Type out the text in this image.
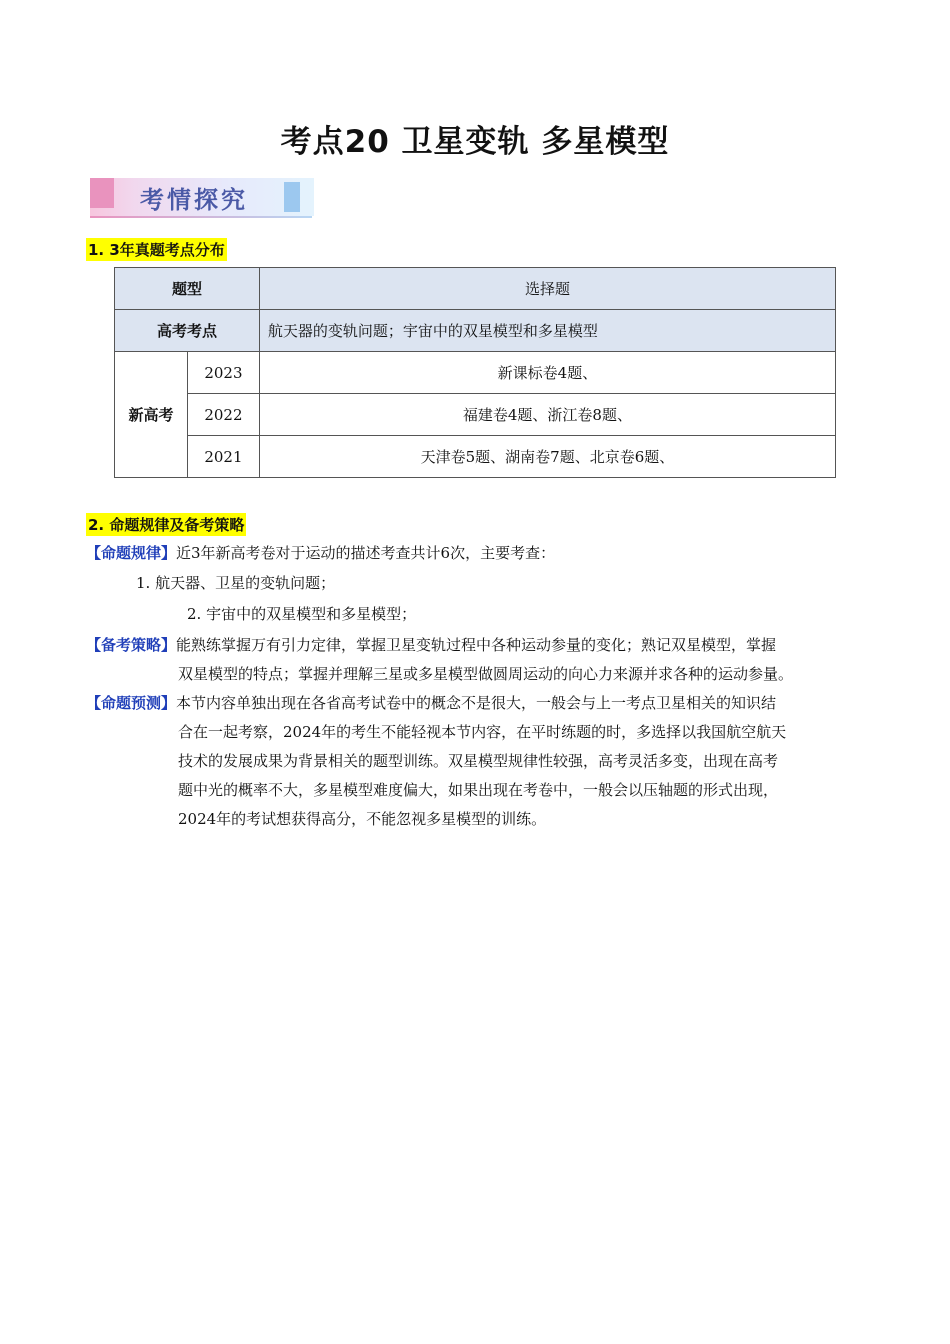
考点20 卫星变轨 多星模型
考情探究
1. 3年真题考点分布
题型		选择题
高考考点		航天器的变轨问题；宇宙中的双星模型和多星模型
新高考	2023	新课标卷4题、
	2022	福建卷4题、浙江卷8题、
	2021	天津卷5题、湖南卷7题、北京卷6题、
2. 命题规律及备考策略
【命题规律】近3年新高考卷对于运动的描述考查共计6次，主要考查：
1. 航天器、卫星的变轨问题；
2. 宇宙中的双星模型和多星模型；
【备考策略】能熟练掌握万有引力定律，掌握卫星变轨过程中各种运动参量的变化；熟记双星模型，掌握
双星模型的特点；掌握并理解三星或多星模型做圆周运动的向心力来源并求各种的运动参量。
【命题预测】本节内容单独出现在各省高考试卷中的概念不是很大，一般会与上一考点卫星相关的知识结
合在一起考察，2024年的考生不能轻视本节内容，在平时练题的时，多选择以我国航空航天
技术的发展成果为背景相关的题型训练。双星模型规律性较强，高考灵活多变，出现在高考
题中光的概率不大，多星模型难度偏大，如果出现在考卷中，一般会以压轴题的形式出现，
2024年的考试想获得高分，不能忽视多星模型的训练。
